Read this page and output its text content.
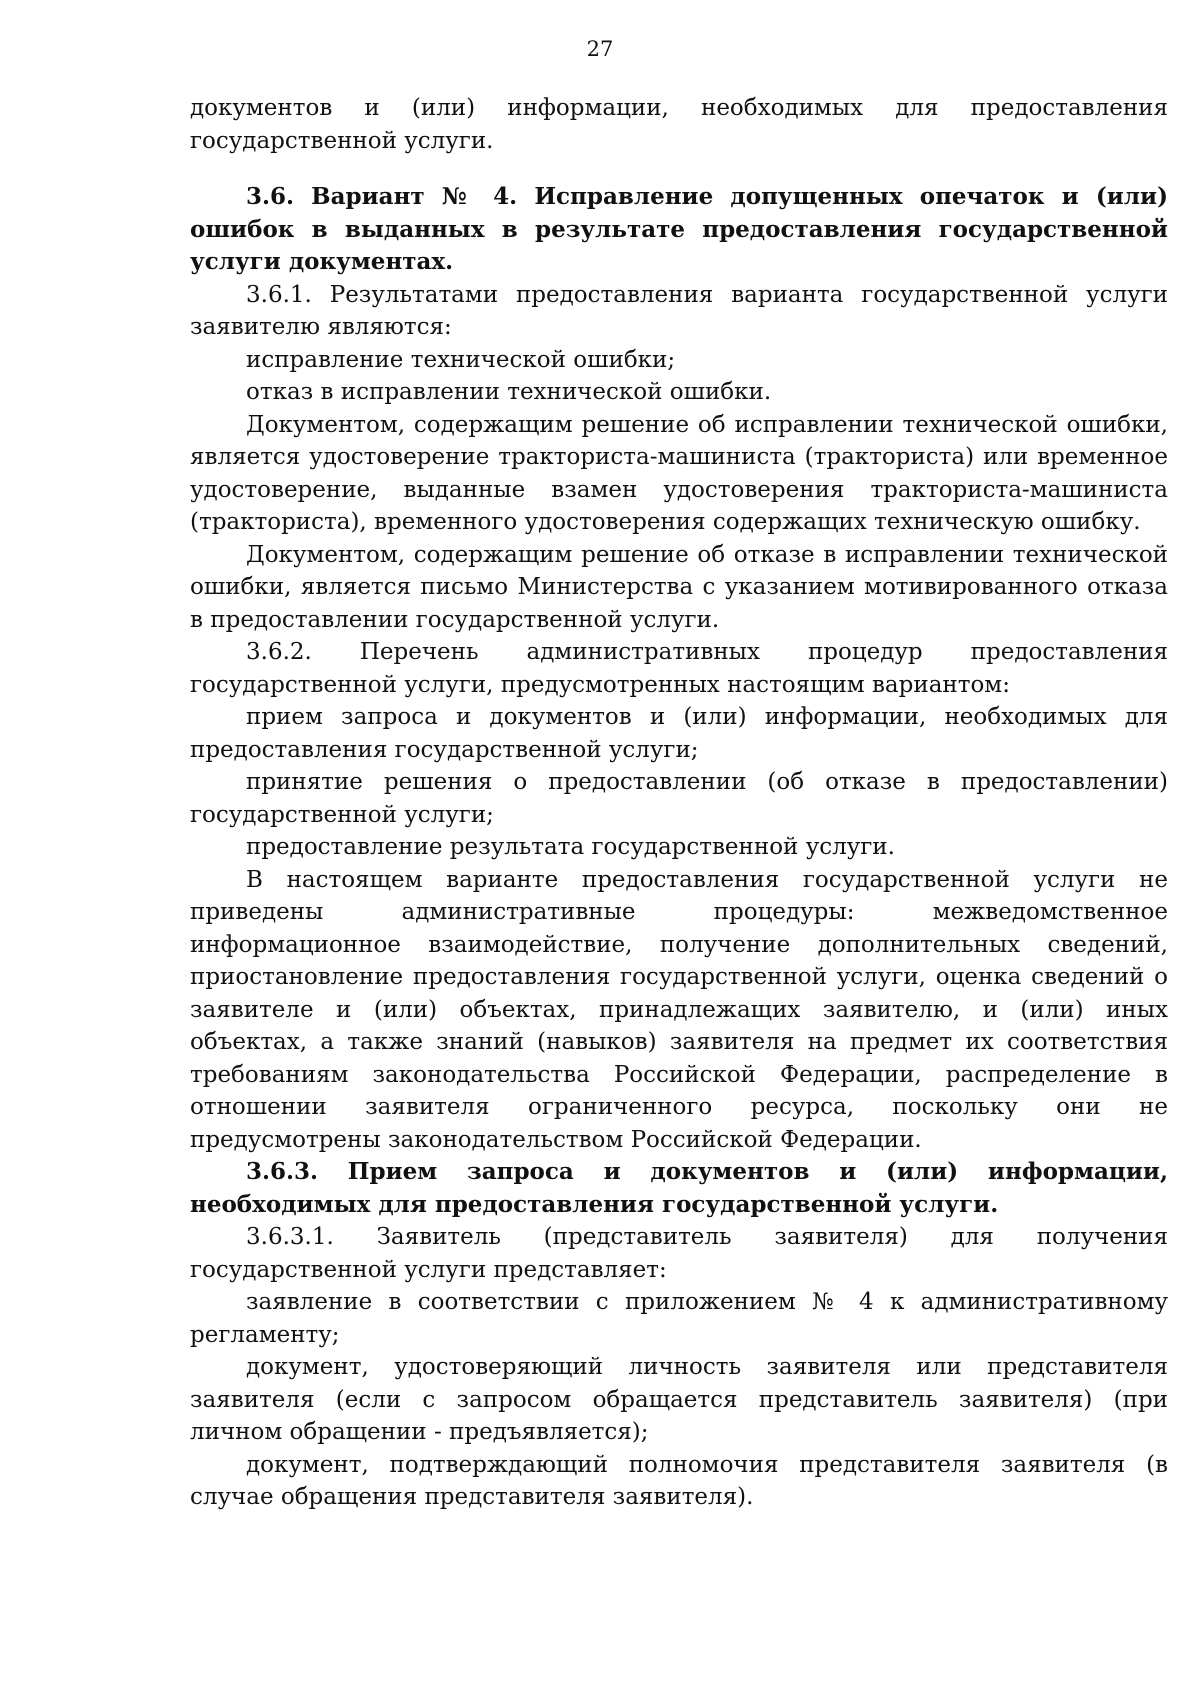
27

документов и (или) информации, необходимых для предоставления государственной услуги.

3.6. Вариант № 4. Исправление допущенных опечаток и (или) ошибок в выданных в результате предоставления государственной услуги документах.

3.6.1. Результатами предоставления варианта государственной услуги заявителю являются:

исправление технической ошибки;

отказ в исправлении технической ошибки.

Документом, содержащим решение об исправлении технической ошибки, является удостоверение тракториста-машиниста (тракториста) или временное удостоверение, выданные взамен удостоверения тракториста-машиниста (тракториста), временного удостоверения содержащих техническую ошибку.

Документом, содержащим решение об отказе в исправлении технической ошибки, является письмо Министерства с указанием мотивированного отказа в предоставлении государственной услуги.

3.6.2. Перечень административных процедур предоставления государственной услуги, предусмотренных настоящим вариантом:

прием запроса и документов и (или) информации, необходимых для предоставления государственной услуги;

принятие решения о предоставлении (об отказе в предоставлении) государственной услуги;

предоставление результата государственной услуги.

В настоящем варианте предоставления государственной услуги не приведены административные процедуры: межведомственное информационное взаимодействие, получение дополнительных сведений, приостановление предоставления государственной услуги, оценка сведений о заявителе и (или) объектах, принадлежащих заявителю, и (или) иных объектах, а также знаний (навыков) заявителя на предмет их соответствия требованиям законодательства Российской Федерации, распределение в отношении заявителя ограниченного ресурса, поскольку они не предусмотрены законодательством Российской Федерации.

3.6.3. Прием запроса и документов и (или) информации, необходимых для предоставления государственной услуги.

3.6.3.1. Заявитель (представитель заявителя) для получения государственной услуги представляет:

заявление в соответствии с приложением № 4 к административному регламенту;

документ, удостоверяющий личность заявителя или представителя заявителя (если с запросом обращается представитель заявителя) (при личном обращении - предъявляется);

документ, подтверждающий полномочия представителя заявителя (в случае обращения представителя заявителя).
